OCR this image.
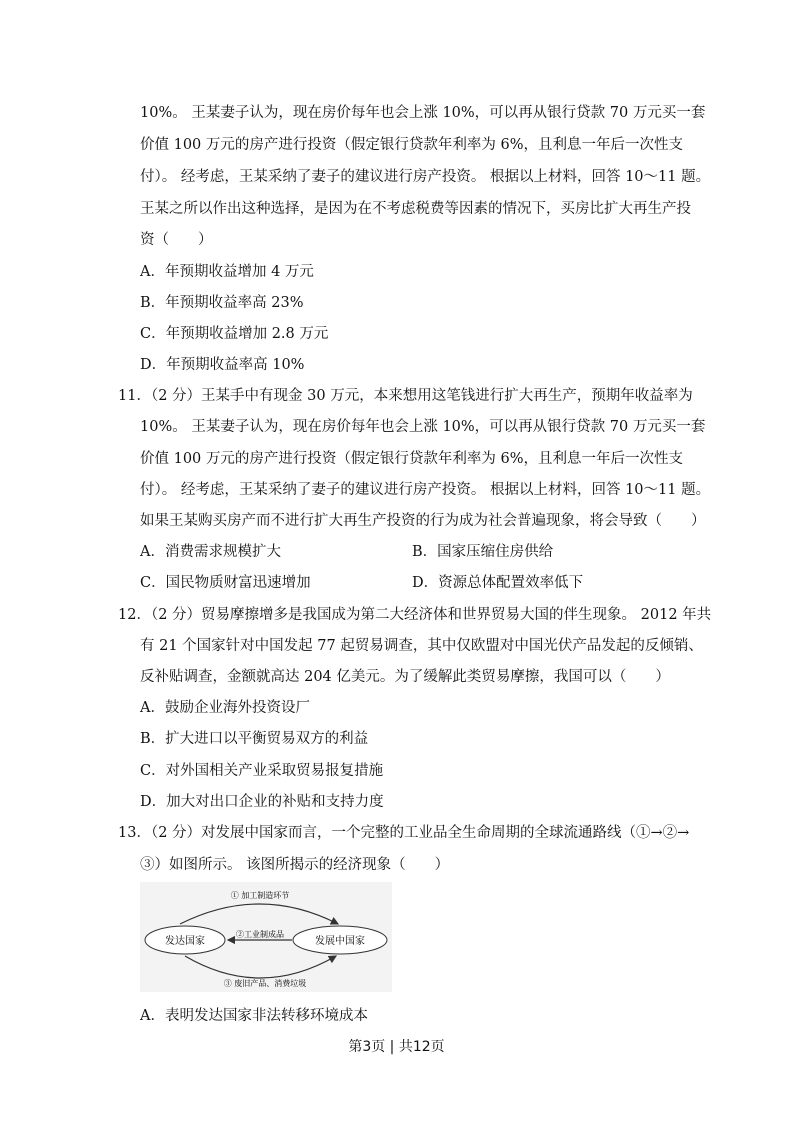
10%。 王某妻子认为，现在房价每年也会上涨 10%，可以再从银行贷款 70 万元买一套
价值 100 万元的房产进行投资（假定银行贷款年利率为 6%，且利息一年后一次性支
付）。 经考虑，王某采纳了妻子的建议进行房产投资。 根据以上材料，回答 10～11 题。
王某之所以作出这种选择，是因为在不考虑税费等因素的情况下，买房比扩大再生产投
资（　　）
A．年预期收益增加 4 万元
B．年预期收益率高 23%
C．年预期收益增加 2.8 万元
D．年预期收益率高 10%
11．（2 分）王某手中有现金 30 万元，本来想用这笔钱进行扩大再生产，预期年收益率为
10%。 王某妻子认为，现在房价每年也会上涨 10%，可以再从银行贷款 70 万元买一套
价值 100 万元的房产进行投资（假定银行贷款年利率为 6%，且利息一年后一次性支
付）。 经考虑，王某采纳了妻子的建议进行房产投资。 根据以上材料，回答 10～11 题。
如果王某购买房产而不进行扩大再生产投资的行为成为社会普遍现象，将会导致（　　）
A．消费需求规模扩大	B．国家压缩住房供给
C．国民物质财富迅速增加	D．资源总体配置效率低下
12．（2 分）贸易摩擦增多是我国成为第二大经济体和世界贸易大国的伴生现象。 2012 年共
有 21 个国家针对中国发起 77 起贸易调查，其中仅欧盟对中国光伏产品发起的反倾销、
反补贴调查，金额就高达 204 亿美元。为了缓解此类贸易摩擦，我国可以（　　）
A．鼓励企业海外投资设厂
B．扩大进口以平衡贸易双方的利益
C．对外国相关产业采取贸易报复措施
D．加大对出口企业的补贴和支持力度
13．（2 分）对发展中国家而言，一个完整的工业品全生命周期的全球流通路线（①→②→
③）如图所示。 该图所揭示的经济现象（　　）
发达国家	发展中国家
① 加工制造环节
②工业制成品
③ 废旧产品、消费垃圾
A．表明发达国家非法转移环境成本
第3页 | 共12页
